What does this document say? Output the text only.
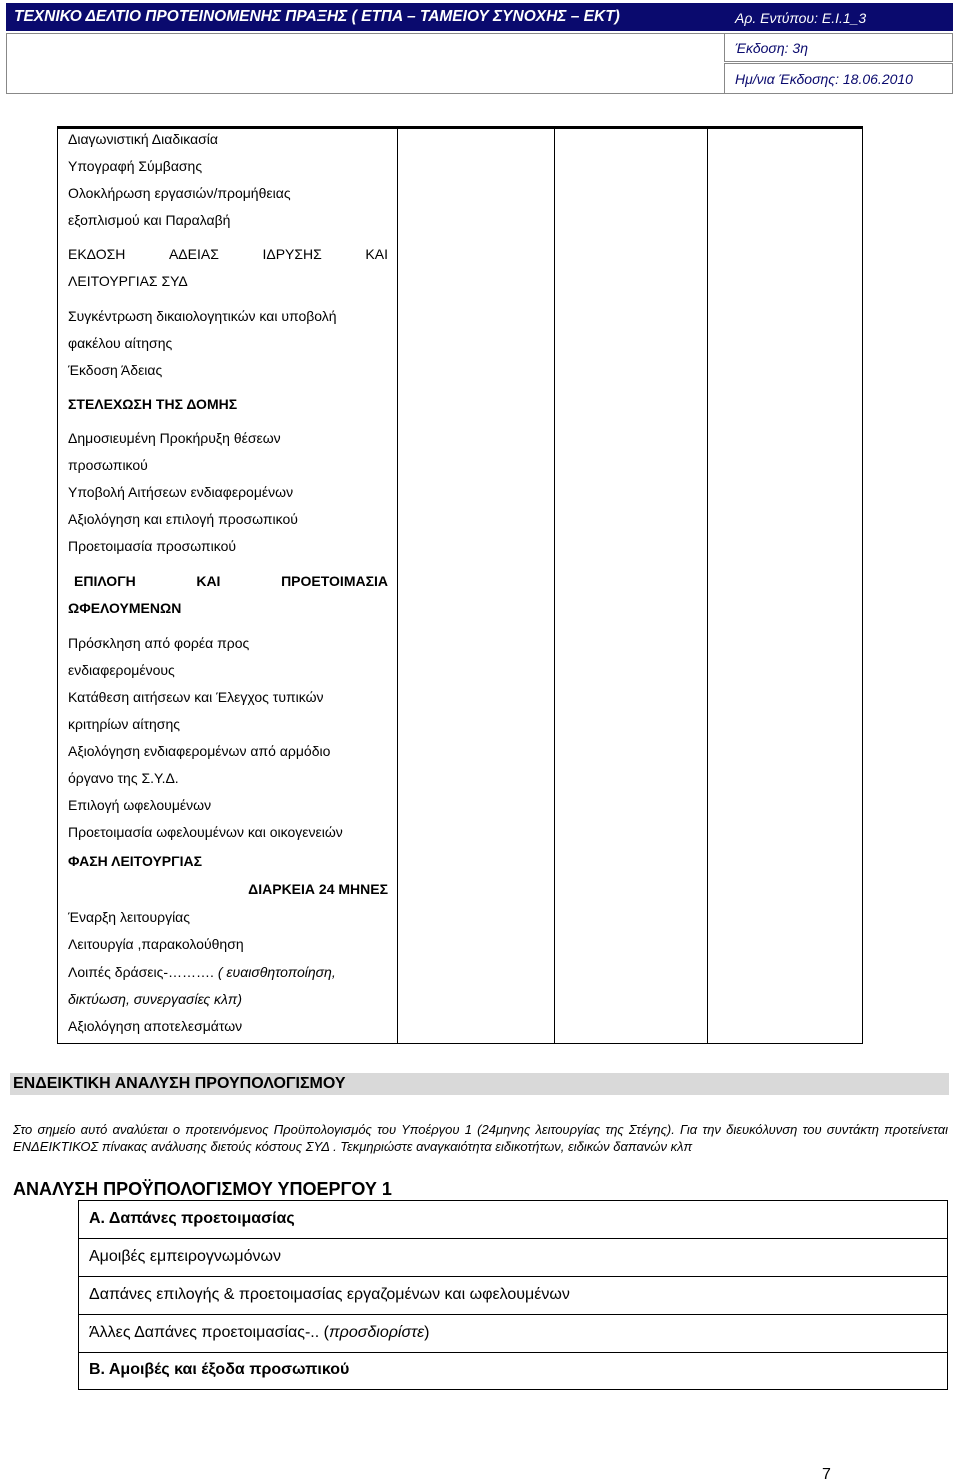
ΤΕΧΝΙΚΟ ΔΕΛΤΙΟ ΠΡΟΤΕΙΝΟΜΕΝΗΣ ΠΡΑΞΗΣ ( ΕΤΠΑ – ΤΑΜΕΙΟΥ ΣΥΝΟΧΗΣ – ΕΚΤ)	Αρ. Εντύπου: Ε.Ι.1_3
Έκδοση: 3η
Ημ/νια Έκδοσης: 18.06.2010
Διαγωνιστική Διαδικασία
Υπογραφή Σύμβασης
Ολοκλήρωση εργασιών/προμήθειας
εξοπλισμού και Παραλαβή
ΕΚΔΟΣΗ	ΑΔΕΙΑΣ	ΙΔΡΥΣΗΣ	ΚΑΙ
ΛΕΙΤΟΥΡΓΙΑΣ ΣΥΔ
Συγκέντρωση δικαιολογητικών και υποβολή
φακέλου αίτησης
Έκδοση Άδειας
ΣΤΕΛΕΧΩΣΗ ΤΗΣ ΔΟΜΗΣ
Δημοσιευμένη Προκήρυξη θέσεων
προσωπικού
Υποβολή Αιτήσεων ενδιαφερομένων
Αξιολόγηση και επιλογή προσωπικού
Προετοιμασία προσωπικού
ΕΠΙΛΟΓΗ	ΚΑΙ	ΠΡΟΕΤΟΙΜΑΣΙΑ
ΩΦΕΛΟΥΜΕΝΩΝ
Πρόσκληση από φορέα προς
ενδιαφερομένους
Κατάθεση αιτήσεων και Έλεγχος τυπικών
κριτηρίων αίτησης
Αξιολόγηση ενδιαφερομένων από αρμόδιο
όργανο της Σ.Υ.Δ.
Επιλογή ωφελουμένων
Προετοιμασία ωφελουμένων και οικογενειών
ΦΑΣΗ ΛΕΙΤΟΥΡΓΙΑΣ
ΔΙΑΡΚΕΙΑ 24 ΜΗΝΕΣ
Έναρξη λειτουργίας
Λειτουργία ,παρακολούθηση
Λοιπές δράσεις-………. ( ευαισθητοποίηση,
δικτύωση, συνεργασίες κλπ)
Αξιολόγηση αποτελεσμάτων
ΕΝΔΕΙΚΤΙΚΗ ΑΝΑΛΥΣΗ ΠΡΟΥΠΟΛΟΓΙΣΜΟΥ
Στο σημείο αυτό αναλύεται ο προτεινόμενος Προϋπολογισμός του Υποέργου 1 (24μηνης λειτουργίας της Στέγης). Για την διευκόλυνση του συντάκτη προτείνεται ΕΝΔΕΙΚΤΙΚΟΣ πίνακας ανάλυσης διετούς κόστους ΣΥΔ . Τεκμηριώστε αναγκαιότητα ειδικοτήτων, ειδικών δαπανών κλπ
ΑΝΑΛΥΣΗ ΠΡΟΫΠΟΛΟΓΙΣΜΟΥ ΥΠΟΕΡΓΟΥ 1
Α. Δαπάνες προετοιμασίας
Αμοιβές εμπειρογνωμόνων
Δαπάνες επιλογής & προετοιμασίας εργαζομένων και ωφελουμένων
Άλλες Δαπάνες προετοιμασίας-.. (προσδιορίστε)
Β. Αμοιβές και έξοδα προσωπικού
7
